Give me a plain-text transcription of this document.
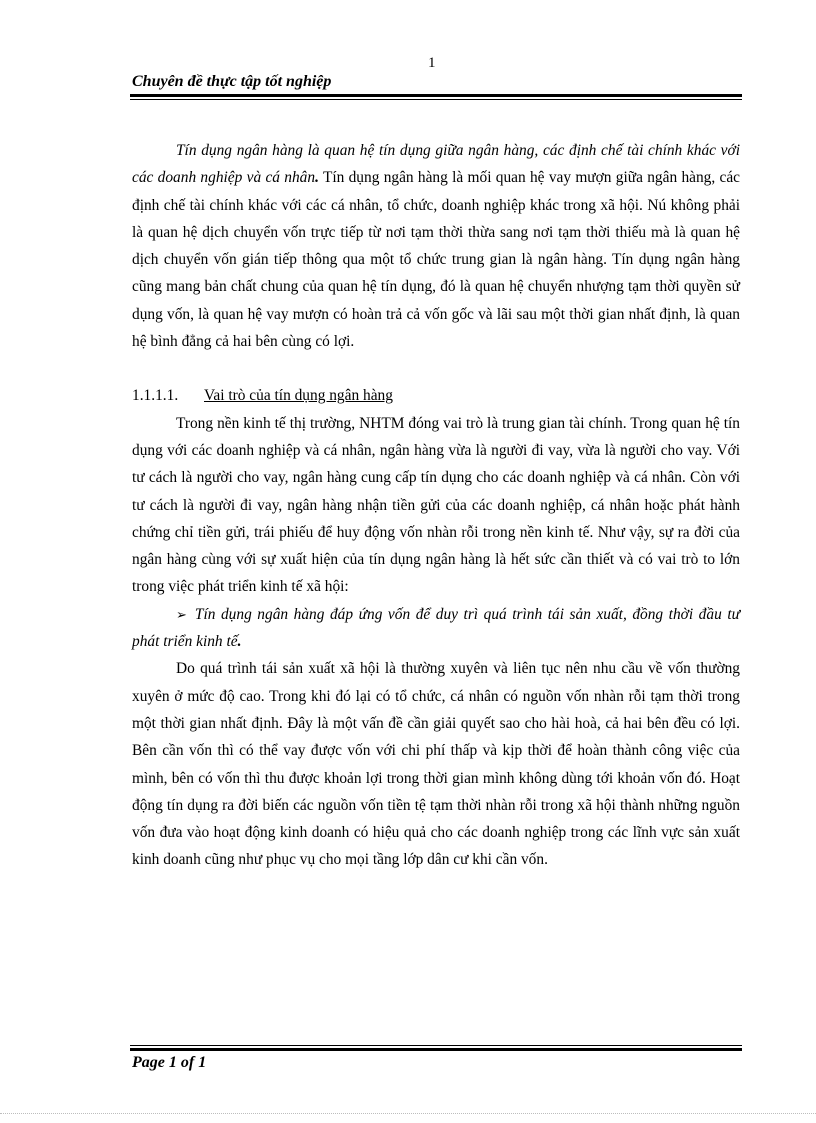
1
Chuyên đề thực tập tốt nghiệp

Tín dụng ngân hàng là quan hệ tín dụng giữa ngân hàng, các định chế tài chính khác với các doanh nghiệp và cá nhân. Tín dụng ngân hàng là mối quan hệ vay mượn giữa ngân hàng, các định chế tài chính khác với các cá nhân, tổ chức, doanh nghiệp khác trong xã hội. Nú không phải là quan hệ dịch chuyển vốn trực tiếp từ nơi tạm thời thừa sang nơi tạm thời thiếu mà là quan hệ dịch chuyển vốn gián tiếp thông qua một tổ chức trung gian là ngân hàng. Tín dụng ngân hàng cũng mang bản chất chung của quan hệ tín dụng, đó là quan hệ chuyển nhượng tạm thời quyền sử dụng vốn, là quan hệ vay mượn có hoàn trả cả vốn gốc và lãi sau một thời gian nhất định, là quan hệ bình đẳng cả hai bên cùng có lợi.

1.1.1.1. Vai trò của tín dụng ngân hàng

Trong nền kinh tế thị trường, NHTM đóng vai trò là trung gian tài chính. Trong quan hệ tín dụng với các doanh nghiệp và cá nhân, ngân hàng vừa là người đi vay, vừa là người cho vay. Với tư cách là người cho vay, ngân hàng cung cấp tín dụng cho các doanh nghiệp và cá nhân. Còn với tư cách là người đi vay, ngân hàng nhận tiền gửi của các doanh nghiệp, cá nhân hoặc phát hành chứng chỉ tiền gửi, trái phiếu để huy động vốn nhàn rỗi trong nền kinh tế. Như vậy, sự ra đời của ngân hàng cùng với sự xuất hiện của tín dụng ngân hàng là hết sức cần thiết và có vai trò to lớn trong việc phát triển kinh tế xã hội:

➢ Tín dụng ngân hàng đáp ứng vốn để duy trì quá trình tái sản xuất, đồng thời đầu tư phát triển kinh tế.

Do quá trình tái sản xuất xã hội là thường xuyên và liên tục nên nhu cầu về vốn thường xuyên ở mức độ cao. Trong khi đó lại có tổ chức, cá nhân có nguồn vốn nhàn rỗi tạm thời trong một thời gian nhất định. Đây là một vấn đề cần giải quyết sao cho hài hoà, cả hai bên đều có lợi. Bên cần vốn thì có thể vay được vốn với chi phí thấp và kịp thời để hoàn thành công việc của mình, bên có vốn thì thu được khoản lợi trong thời gian mình không dùng tới khoản vốn đó. Hoạt động tín dụng ra đời biến các nguồn vốn tiền tệ tạm thời nhàn rỗi trong xã hội thành những nguồn vốn đưa vào hoạt động kinh doanh có hiệu quả cho các doanh nghiệp trong các lĩnh vực sản xuất kinh doanh cũng như phục vụ cho mọi tầng lớp dân cư khi cần vốn.

Page 1 of 1
